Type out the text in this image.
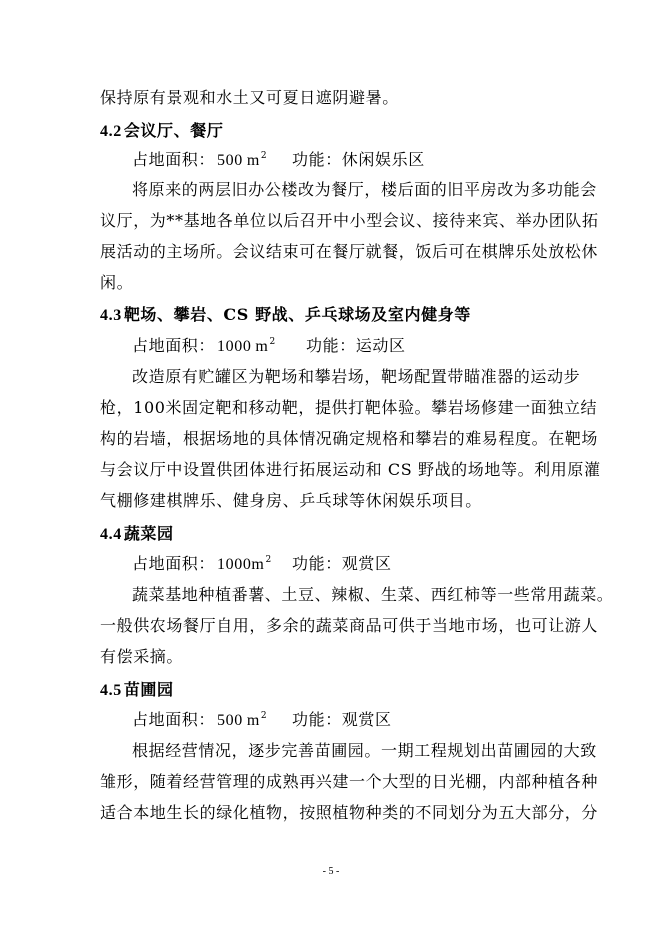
保持原有景观和水土又可夏日遮阴避暑。
4.2 会议厅、餐厅
占地面积： 500 $m^2$ 功能：休闲娱乐区
将原来的两层旧办公楼改为餐厅，楼后面的旧平房改为多功能会
议厅，为**基地各单位以后召开中小型会议、接待来宾、举办团队拓
展活动的主场所。会议结束可在餐厅就餐，饭后可在棋牌乐处放松休
闲。
4.3 靶场、攀岩、CS 野战、乒乓球场及室内健身等
占地面积： 1000 $m^2$ 功能：运动区
改造原有贮罐区为靶场和攀岩场，靶场配置带瞄准器的运动步
枪，100米固定靶和移动靶，提供打靶体验。攀岩场修建一面独立结
构的岩墙，根据场地的具体情况确定规格和攀岩的难易程度。在靶场
与会议厅中设置供团体进行拓展运动和 CS 野战的场地等。利用原灌
气棚修建棋牌乐、健身房、乒乓球等休闲娱乐项目。
4.4 蔬菜园
占地面积： $1000m^2$ 功能：观赏区
蔬菜基地种植番薯、土豆、辣椒、生菜、西红柿等一些常用蔬菜。
一般供农场餐厅自用，多余的蔬菜商品可供于当地市场，也可让游人
有偿采摘。
4.5 苗圃园
占地面积： 500 $m^2$ 功能：观赏区
根据经营情况，逐步完善苗圃园。一期工程规划出苗圃园的大致
雏形，随着经营管理的成熟再兴建一个大型的日光棚，内部种植各种
适合本地生长的绿化植物，按照植物种类的不同划分为五大部分，分
- 5 -
